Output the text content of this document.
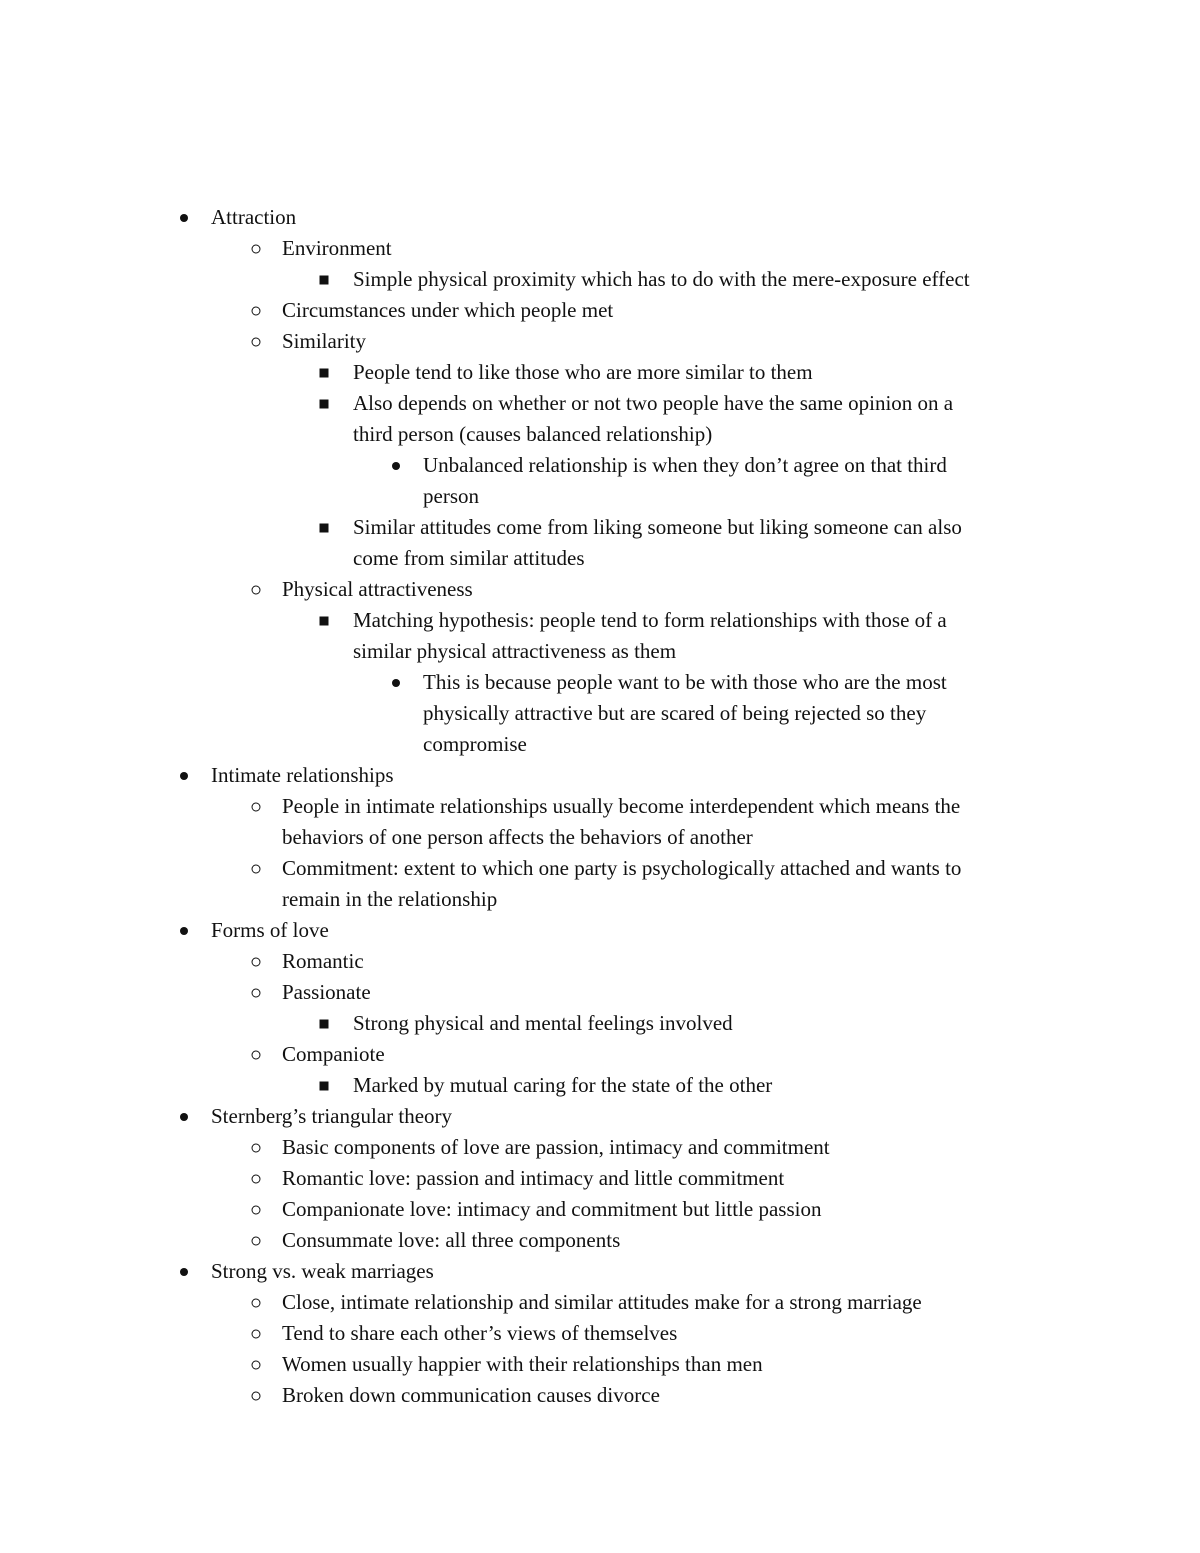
Attraction
Environment
Simple physical proximity which has to do with the mere-exposure effect
Circumstances under which people met
Similarity
People tend to like those who are more similar to them
Also depends on whether or not two people have the same opinion on a
third person (causes balanced relationship)
Unbalanced relationship is when they don’t agree on that third
person
Similar attitudes come from liking someone but liking someone can also
come from similar attitudes
Physical attractiveness
Matching hypothesis: people tend to form relationships with those of a
similar physical attractiveness as them
This is because people want to be with those who are the most
physically attractive but are scared of being rejected so they
compromise
Intimate relationships
People in intimate relationships usually become interdependent which means the
behaviors of one person affects the behaviors of another
Commitment: extent to which one party is psychologically attached and wants to
remain in the relationship
Forms of love
Romantic
Passionate
Strong physical and mental feelings involved
Companiote
Marked by mutual caring for the state of the other
Sternberg’s triangular theory
Basic components of love are passion, intimacy and commitment
Romantic love: passion and intimacy and little commitment
Companionate love: intimacy and commitment but little passion
Consummate love: all three components
Strong vs. weak marriages
Close, intimate relationship and similar attitudes make for a strong marriage
Tend to share each other’s views of themselves
Women usually happier with their relationships than men
Broken down communication causes divorce
